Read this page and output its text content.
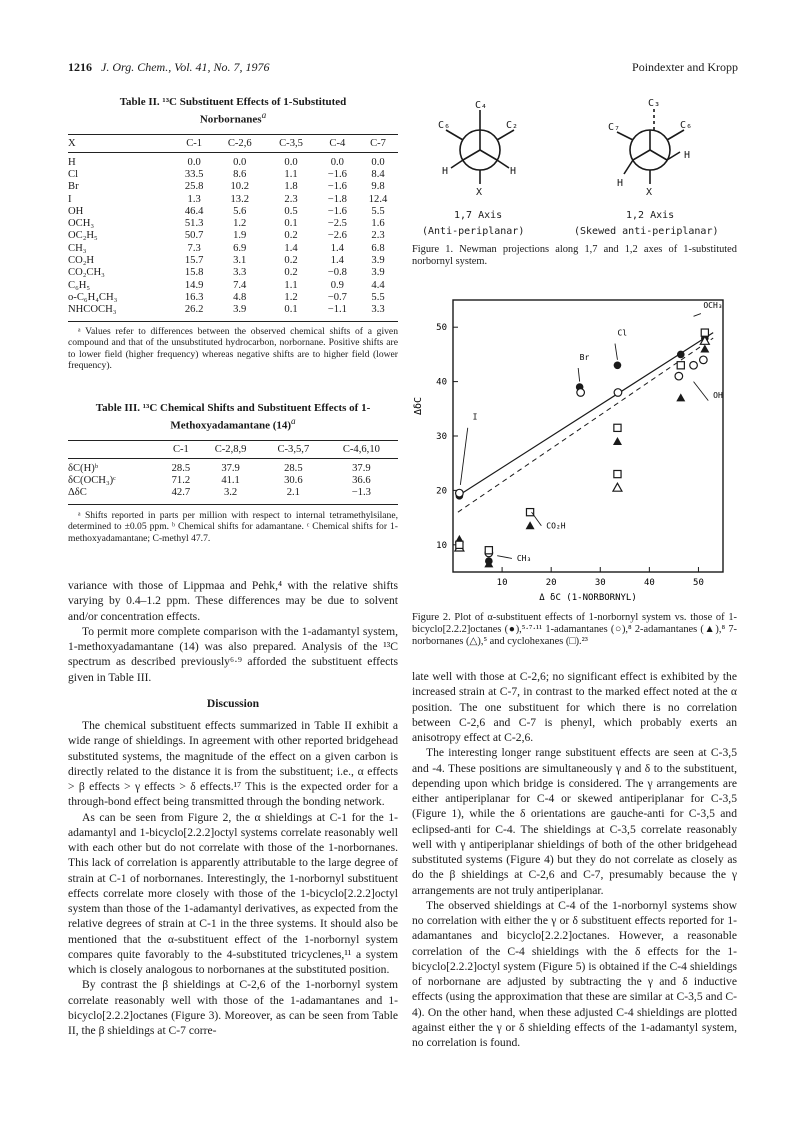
1216 J. Org. Chem., Vol. 41, No. 7, 1976	Poindexter and Kropp
Table II. ¹³C Substituent Effects of 1-Substituted Norbornanes$^a$
X	C-1	C-2,6	C-3,5	C-4	C-7
H	0.0	0.0	0.0	0.0	0.0
Cl	33.5	8.6	1.1	−1.6	8.4
Br	25.8	10.2	1.8	−1.6	9.8
I	1.3	13.2	2.3	−1.8	12.4
OH	46.4	5.6	0.5	−1.6	5.5
OCH₃	51.3	1.2	0.1	−2.5	1.6
OC₂H₅	50.7	1.9	0.2	−2.6	2.3
CH₃	7.3	6.9	1.4	1.4	6.8
CO₂H	15.7	3.1	0.2	1.4	3.9
CO₂CH₃	15.8	3.3	0.2	−0.8	3.9
C₆H₅	14.9	7.4	1.1	0.9	4.4
o-C₆H₄CH₃	16.3	4.8	1.2	−0.7	5.5
NHCOCH₃	26.2	3.9	0.1	−1.1	3.3
ᵃ Values refer to differences between the observed chemical shifts of a given compound and that of the unsubstituted hydrocarbon, norbornane. Positive shifts are to lower field (higher frequency) whereas negative shifts are to higher field (lower frequency).
Table III. ¹³C Chemical Shifts and Substituent Effects of 1-Methoxyadamantane $(14)^a$
	C-1	C-2,8,9	C-3,5,7	C-4,6,10
δC(H)ᵇ	28.5	37.9	28.5	37.9
δC(OCH₃)ᶜ	71.2	41.1	30.6	36.6
ΔδC	42.7	3.2	2.1	−1.3
ᵃ Shifts reported in parts per million with respect to internal tetramethylsilane, determined to ±0.05 ppm. ᵇ Chemical shifts for adamantane. ᶜ Chemical shifts for 1-methoxyadamantane; C-methyl 47.7.

variance with those of Lippmaa and Pehk,⁴ with the relative shifts varying by 0.4–1.2 ppm. These differences may be due to solvent and/or concentration effects.

To permit more complete comparison with the 1-adamantyl system, 1-methoxyadamantane (14) was also prepared. Analysis of the ¹³C spectrum as described previously⁶·⁹ afforded the substituent effects given in Table III.

Discussion

The chemical substituent effects summarized in Table II exhibit a wide range of shieldings. In agreement with other reported bridgehead substituted systems, the magnitude of the effect on a given carbon is directly related to the distance it is from the substituent; i.e., α effects > β effects > γ effects > δ effects.¹⁷ This is the expected order for a through-bond effect being transmitted through the bonding network.

As can be seen from Figure 2, the α shieldings at C-1 for the 1-adamantyl and 1-bicyclo[2.2.2]octyl systems correlate reasonably well with each other but do not correlate with those of the 1-norbornanes. This lack of correlation is apparently attributable to the large degree of strain at C-1 of norbornanes. Interestingly, the 1-norbornyl substituent effects correlate more closely with those of the 1-bicyclo[2.2.2]octyl system than those of the 1-adamantyl derivatives, as expected from the relative degrees of strain at C-1 in the three systems. It should also be mentioned that the α-substituent effect of the 1-norbornyl system compares quite favorably to the 4-substituted tricyclenes,¹¹ a system which is closely analogous to norbornanes at the substituted position.

By contrast the β shieldings at C-2,6 of the 1-norbornyl system correlate reasonably well with those of the 1-adamantanes and 1-bicyclo[2.2.2]octanes (Figure 3). Moreover, as can be seen from Table II, the β shieldings at C-7 corre-

C₆
C₄
C₂
H	H
X
1,7 Axis
(Anti-periplanar)
C₃
C₇	C₆
H
H
X
1,2 Axis
(Skewed anti-periplanar)
Figure 1. Newman projections along 1,7 and 1,2 axes of 1-substituted norbornyl system.
10	20	30	40	50
10
20
30
40
50
Δ δC (1-NORBORNYL)
ΔδC
OCH₃
Cl
Br
I
OH
CO₂H
CH₃
Figure 2. Plot of α-substituent effects of 1-norbornyl system vs. those of 1-bicyclo[2.2.2]octanes (●),⁵·⁷·¹¹ 1-adamantanes (○),⁸ 2-adamantanes (▲),⁸ 7-norbornanes (△),⁵ and cyclohexanes (□).²³

late well with those at C-2,6; no significant effect is exhibited by the increased strain at C-7, in contrast to the marked effect noted at the α position. The one substituent for which there is no correlation between C-2,6 and C-7 is phenyl, which probably exerts an anisotropy effect at C-2,6.

The interesting longer range substituent effects are seen at C-3,5 and -4. These positions are simultaneously γ and δ to the substituent, depending upon which bridge is considered. The γ arrangements are either antiperiplanar for C-4 or skewed antiperiplanar for C-3,5 (Figure 1), while the δ orientations are gauche-anti for C-3,5 and eclipsed-anti for C-4. The shieldings at C-3,5 correlate reasonably well with γ antiperiplanar shieldings of both of the other bridgehead substituted systems (Figure 4) but they do not correlate as closely as do the β shieldings at C-2,6 and C-7, presumably because the γ arrangements are not truly antiperiplanar.

The observed shieldings at C-4 of the 1-norbornyl systems show no correlation with either the γ or δ substituent effects reported for 1-adamantanes and bicyclo[2.2.2]octanes. However, a reasonable correlation of the C-4 shieldings with the δ effects for the 1-bicyclo[2.2.2]octyl system (Figure 5) is obtained if the C-4 shieldings of norbornane are adjusted by subtracting the γ and δ inductive effects (using the approximation that these are similar at C-3,5 and C-4). On the other hand, when these adjusted C-4 shieldings are plotted against either the γ or δ shielding effects of the 1-adamantyl system, no correlation is found.
